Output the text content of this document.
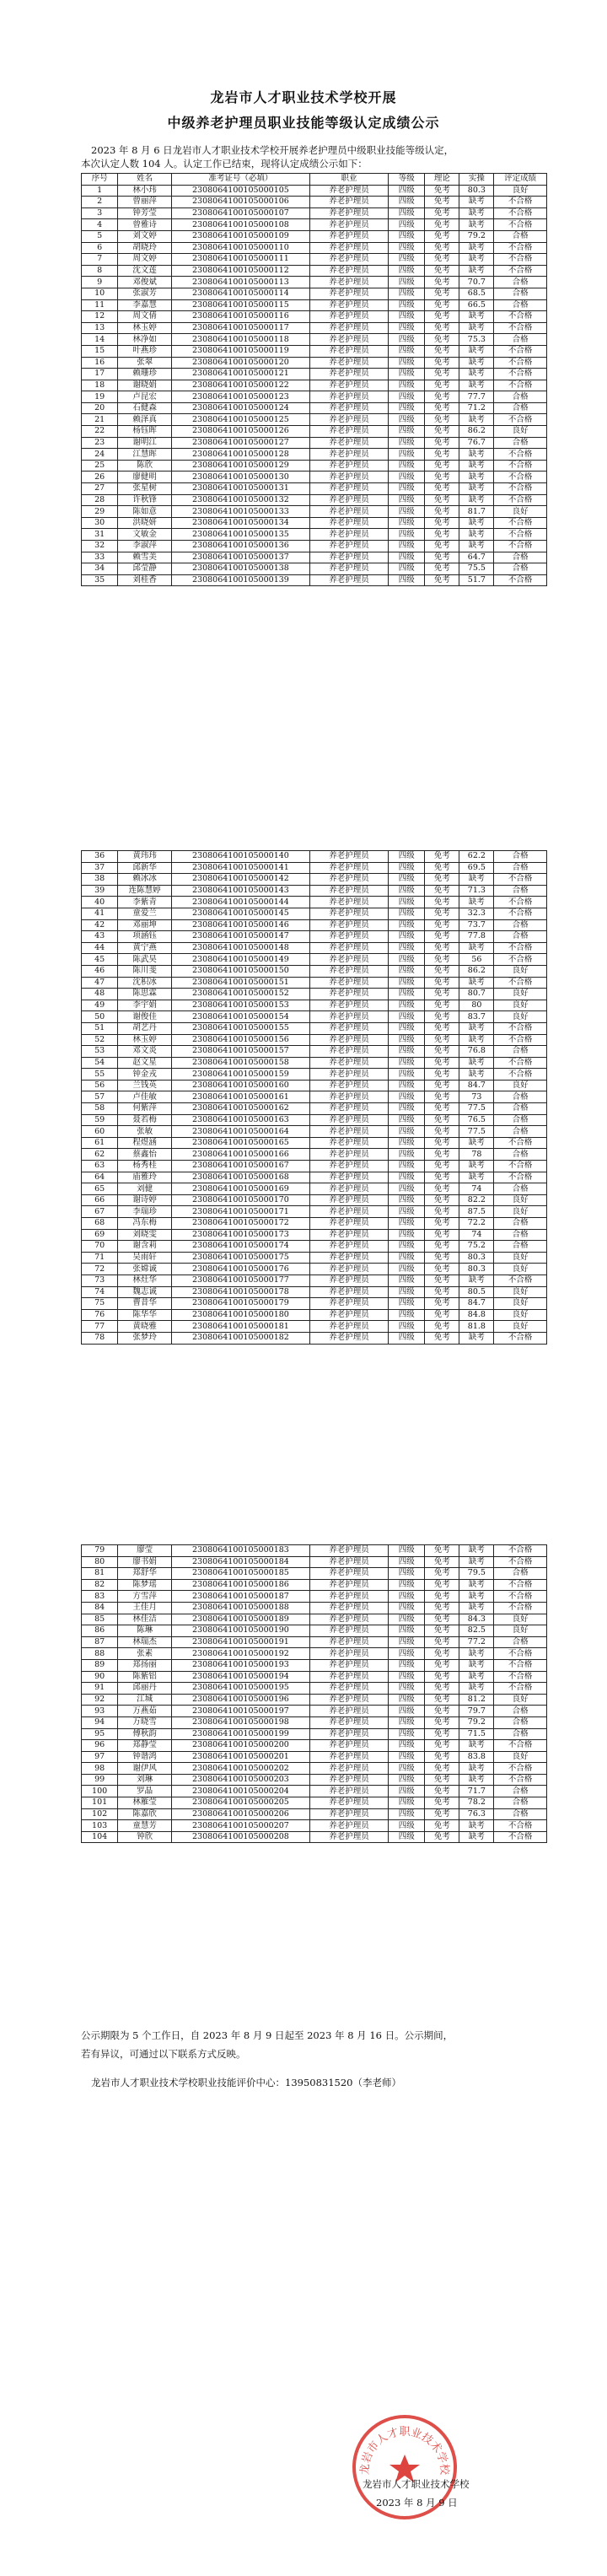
龙岩市人才职业技术学校开展
中级养老护理员职业技能等级认定成绩公示
2023 年 8 月 6 日龙岩市人才职业技术学校开展养老护理员中级职业技能等级认定，
本次认定人数 104 人。认定工作已结束，现将认定成绩公示如下：
序号	姓名	准考证号（必填）	职业	等级	理论	实操	评定成绩
1	林小玮	2308064100105000105	养老护理员	四级	免考	80.3	良好
2	曾丽萍	2308064100105000106	养老护理员	四级	免考	缺考	不合格
3	钟芳莹	2308064100105000107	养老护理员	四级	免考	缺考	不合格
4	曾雅诗	2308064100105000108	养老护理员	四级	免考	缺考	不合格
5	刘文婷	2308064100105000109	养老护理员	四级	免考	79.2	合格
6	胡晓玲	2308064100105000110	养老护理员	四级	免考	缺考	不合格
7	周文婷	2308064100105000111	养老护理员	四级	免考	缺考	不合格
8	沈文莲	2308064100105000112	养老护理员	四级	免考	缺考	不合格
9	邓俊斌	2308064100105000113	养老护理员	四级	免考	70.7	合格
10	张淑芳	2308064100105000114	养老护理员	四级	免考	68.5	合格
11	李嘉慧	2308064100105000115	养老护理员	四级	免考	66.5	合格
12	周文倩	2308064100105000116	养老护理员	四级	免考	缺考	不合格
13	林玉婷	2308064100105000117	养老护理员	四级	免考	缺考	不合格
14	林净如	2308064100105000118	养老护理员	四级	免考	75.3	合格
15	叶燕珍	2308064100105000119	养老护理员	四级	免考	缺考	不合格
16	张翠	2308064100105000120	养老护理员	四级	免考	缺考	不合格
17	赖珊珍	2308064100105000121	养老护理员	四级	免考	缺考	不合格
18	谢晓娟	2308064100105000122	养老护理员	四级	免考	缺考	不合格
19	卢昆宏	2308064100105000123	养老护理员	四级	免考	77.7	合格
20	石健森	2308064100105000124	养老护理员	四级	免考	71.2	合格
21	赖泽真	2308064100105000125	养老护理员	四级	免考	缺考	不合格
22	杨钰晖	2308064100105000126	养老护理员	四级	免考	86.2	良好
23	谢明江	2308064100105000127	养老护理员	四级	免考	76.7	合格
24	江慧晖	2308064100105000128	养老护理员	四级	免考	缺考	不合格
25	陈欣	2308064100105000129	养老护理员	四级	免考	缺考	不合格
26	廖健明	2308064100105000130	养老护理员	四级	免考	缺考	不合格
27	张星树	2308064100105000131	养老护理员	四级	免考	缺考	不合格
28	许秋锋	2308064100105000132	养老护理员	四级	免考	缺考	不合格
29	陈如意	2308064100105000133	养老护理员	四级	免考	81.7	良好
30	洪晓妍	2308064100105000134	养老护理员	四级	免考	缺考	不合格
31	文敏金	2308064100105000135	养老护理员	四级	免考	缺考	不合格
32	李淑萍	2308064100105000136	养老护理员	四级	免考	缺考	不合格
33	赖雪美	2308064100105000137	养老护理员	四级	免考	64.7	合格
34	邱莹静	2308064100105000138	养老护理员	四级	免考	75.5	合格
35	刘桂香	2308064100105000139	养老护理员	四级	免考	51.7	不合格
36	黄玮玮	2308064100105000140	养老护理员	四级	免考	62.2	合格
37	邱新华	2308064100105000141	养老护理员	四级	免考	69.5	合格
38	赖冰冰	2308064100105000142	养老护理员	四级	免考	缺考	不合格
39	连陈慧婷	2308064100105000143	养老护理员	四级	免考	71.3	合格
40	李紫青	2308064100105000144	养老护理员	四级	免考	缺考	不合格
41	童爱兰	2308064100105000145	养老护理员	四级	免考	32.3	不合格
42	邓丽坤	2308064100105000146	养老护理员	四级	免考	73.7	合格
43	项涵钰	2308064100105000147	养老护理员	四级	免考	77.8	合格
44	黄宁燕	2308064100105000148	养老护理员	四级	免考	缺考	不合格
45	陈武昊	2308064100105000149	养老护理员	四级	免考	56	不合格
46	陈川斐	2308064100105000150	养老护理员	四级	免考	86.2	良好
47	沈积冰	2308064100105000151	养老护理员	四级	免考	缺考	不合格
48	陈思霖	2308064100105000152	养老护理员	四级	免考	80.7	良好
49	李宇娟	2308064100105000153	养老护理员	四级	免考	80	良好
50	谢俊佳	2308064100105000154	养老护理员	四级	免考	83.7	良好
51	胡艺丹	2308064100105000155	养老护理员	四级	免考	缺考	不合格
52	林玉婷	2308064100105000156	养老护理员	四级	免考	缺考	不合格
53	邓文炎	2308064100105000157	养老护理员	四级	免考	76.8	合格
54	赵文星	2308064100105000158	养老护理员	四级	免考	缺考	不合格
55	钟金戎	2308064100105000159	养老护理员	四级	免考	缺考	不合格
56	兰钱英	2308064100105000160	养老护理员	四级	免考	84.7	良好
57	卢佳敏	2308064100105000161	养老护理员	四级	免考	73	合格
58	何紫萍	2308064100105000162	养老护理员	四级	免考	77.5	合格
59	聂若梅	2308064100105000163	养老护理员	四级	免考	76.5	合格
60	张敏	2308064100105000164	养老护理员	四级	免考	77.5	合格
61	程煜涵	2308064100105000165	养老护理员	四级	免考	缺考	不合格
62	蔡鑫怡	2308064100105000166	养老护理员	四级	免考	78	合格
63	杨秀桂	2308064100105000167	养老护理员	四级	免考	缺考	不合格
64	庙雅玲	2308064100105000168	养老护理员	四级	免考	缺考	不合格
65	刘健	2308064100105000169	养老护理员	四级	免考	74	合格
66	谢诗婷	2308064100105000170	养老护理员	四级	免考	82.2	良好
67	李瑞珍	2308064100105000171	养老护理员	四级	免考	87.5	良好
68	冯东梅	2308064100105000172	养老护理员	四级	免考	72.2	合格
69	刘晓雯	2308064100105000173	养老护理员	四级	免考	74	合格
70	谢含莉	2308064100105000174	养老护理员	四级	免考	75.2	合格
71	吴雨轩	2308064100105000175	养老护理员	四级	免考	80.3	良好
72	张嫦诚	2308064100105000176	养老护理员	四级	免考	80.3	良好
73	林灶华	2308064100105000177	养老护理员	四级	免考	缺考	不合格
74	魏志诚	2308064100105000178	养老护理员	四级	免考	80.5	良好
75	曹昔华	2308064100105000179	养老护理员	四级	免考	84.7	良好
76	陈华华	2308064100105000180	养老护理员	四级	免考	84.8	良好
77	黄晓雅	2308064100105000181	养老护理员	四级	免考	81.8	良好
78	张梦玲	2308064100105000182	养老护理员	四级	免考	缺考	不合格
79	廖莹	2308064100105000183	养老护理员	四级	免考	缺考	不合格
80	廖书娟	2308064100105000184	养老护理员	四级	免考	缺考	不合格
81	郑舒华	2308064100105000185	养老护理员	四级	免考	79.5	合格
82	陈梦瑶	2308064100105000186	养老护理员	四级	免考	缺考	不合格
83	方雪萍	2308064100105000187	养老护理员	四级	免考	缺考	不合格
84	王佳月	2308064100105000188	养老护理员	四级	免考	缺考	不合格
85	林佳洁	2308064100105000189	养老护理员	四级	免考	84.3	良好
86	陈琳	2308064100105000190	养老护理员	四级	免考	82.5	良好
87	林瑞杰	2308064100105000191	养老护理员	四级	免考	77.2	合格
88	张素	2308064100105000192	养老护理员	四级	免考	缺考	不合格
89	郑扬丽	2308064100105000193	养老护理员	四级	免考	缺考	不合格
90	陈紫铝	2308064100105000194	养老护理员	四级	免考	缺考	不合格
91	邱丽丹	2308064100105000195	养老护理员	四级	免考	缺考	不合格
92	江城	2308064100105000196	养老护理员	四级	免考	81.2	良好
93	万燕茹	2308064100105000197	养老护理员	四级	免考	79.7	合格
94	万晓雪	2308064100105000198	养老护理员	四级	免考	79.2	合格
95	傅秋韵	2308064100105000199	养老护理员	四级	免考	71.5	合格
96	郑静莹	2308064100105000200	养老护理员	四级	免考	缺考	不合格
97	钟谐鸿	2308064100105000201	养老护理员	四级	免考	83.8	良好
98	谢伊风	2308064100105000202	养老护理员	四级	免考	缺考	不合格
99	刘琳	2308064100105000203	养老护理员	四级	免考	缺考	不合格
100	罗晶	2308064100105000204	养老护理员	四级	免考	71.7	合格
101	林雁莹	2308064100105000205	养老护理员	四级	免考	78.2	合格
102	陈嘉欣	2308064100105000206	养老护理员	四级	免考	76.3	合格
103	童慧芳	2308064100105000207	养老护理员	四级	免考	缺考	不合格
104	钟欣	2308064100105000208	养老护理员	四级	免考	缺考	不合格
公示期限为 5 个工作日，自 2023 年 8 月 9 日起至 2023 年 8 月 16 日。公示期间，
若有异议，可通过以下联系方式反映。
龙岩市人才职业技术学校职业技能评价中心：13950831520（李老师）
龙岩市人才职业技术学校
龙岩市人才职业技术学校
2023 年 8 月 9 日
